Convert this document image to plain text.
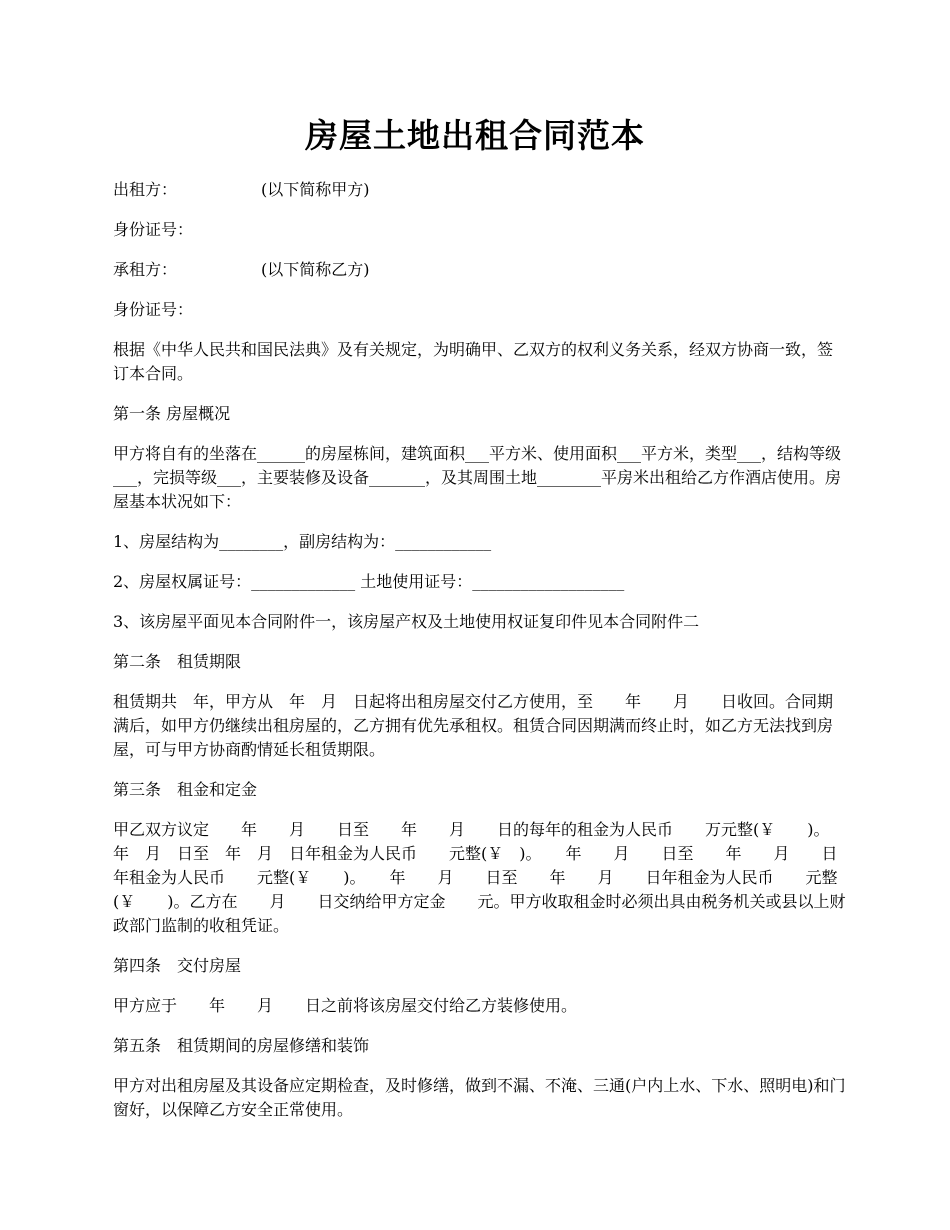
房屋土地出租合同范本

出租方：	(以下简称甲方)

身份证号：

承租方：	(以下简称乙方)

身份证号：

根据《中华人民共和国民法典》及有关规定，为明确甲、乙双方的权利义务关系，经双方协商一致，签订本合同。

第一条 房屋概况

甲方将自有的坐落在______的房屋栋间，建筑面积___平方米、使用面积___平方米，类型___，结构等级___，完损等级___，主要装修及设备_______，及其周围土地________平房米出租给乙方作酒店使用。房屋基本状况如下：

1、房屋结构为________，副房结构为：____________

2、房屋权属证号：_____________ 土地使用证号：___________________

3、该房屋平面见本合同附件一，该房屋产权及土地使用权证复印件见本合同附件二

第二条　租赁期限

租赁期共　年，甲方从　年　月　日起将出租房屋交付乙方使用，至　　年　　月　　日收回。合同期满后，如甲方仍继续出租房屋的，乙方拥有优先承租权。租赁合同因期满而终止时，如乙方无法找到房屋，可与甲方协商酌情延长租赁期限。

第三条　租金和定金

甲乙双方议定　　年　　月　　日至　　年　　月　　日的每年的租金为人民币　　万元整(￥　　)。　年　月　日至　年　月　日年租金为人民币　　元整(￥　)。　　年　　月　　日至　　年　　月　　日年租金为人民币　　元整(￥　　)。　　年　　月　　日至　　年　　月　　日年租金为人民币　　元整(￥　　)。乙方在　　月　　日交纳给甲方定金　　元。甲方收取租金时必须出具由税务机关或县以上财政部门监制的收租凭证。

第四条　交付房屋

甲方应于　　年　　月　　日之前将该房屋交付给乙方装修使用。

第五条　租赁期间的房屋修缮和装饰

甲方对出租房屋及其设备应定期检查，及时修缮，做到不漏、不淹、三通(户内上水、下水、照明电)和门窗好，以保障乙方安全正常使用。
